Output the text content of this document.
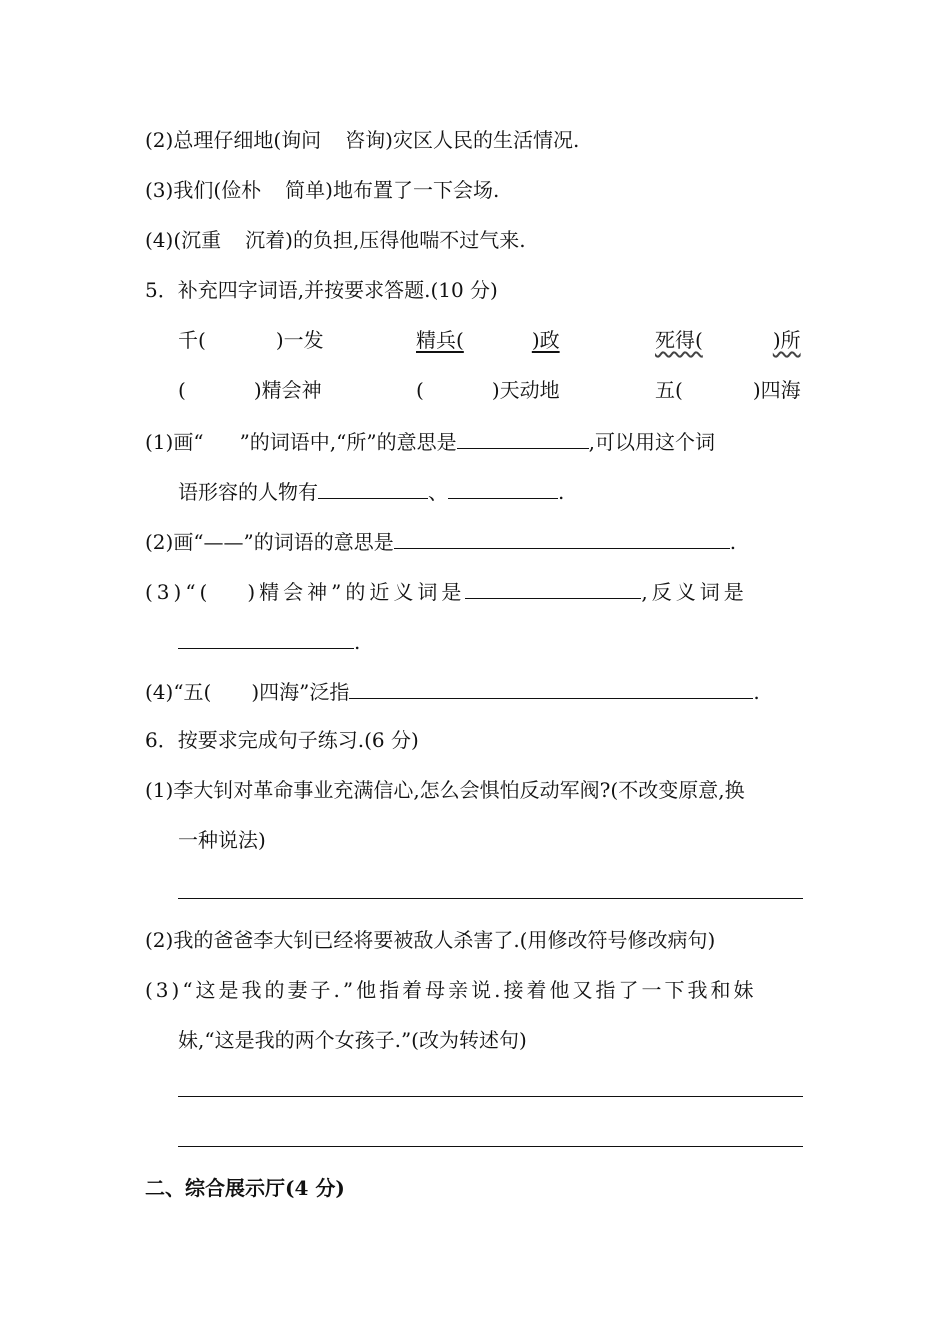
(2)总理仔细地(询问 咨询)灾区人民的生活情况.
(3)我们(俭朴 简单)地布置了一下会场.
(4)(沉重 沉着)的负担,压得他喘不过气来.
5．补充四字词语,并按要求答题.(10 分)
千(	)一发	精兵(	)政	死得(	)所
(	)精会神	(	)天动地	五(	)四海
(1)画“ ”的词语中,“所”的意思是	,可以用这个词
语形容的人物有	、	.
(2)画“——”的词语的意思是	.
(3)“( )精会神”的近义词是	,反义词是
.
(4)“五( )四海”泛指	.
6．按要求完成句子练习.(6 分)
(1)李大钊对革命事业充满信心,怎么会惧怕反动军阀?(不改变原意,换
一种说法)
(2)我的爸爸李大钊已经将要被敌人杀害了.(用修改符号修改病句)
(3)“这是我的妻子.”他指着母亲说.接着他又指了一下我和妹
妹,“这是我的两个女孩子.”(改为转述句)
二、综合展示厅(4 分)
